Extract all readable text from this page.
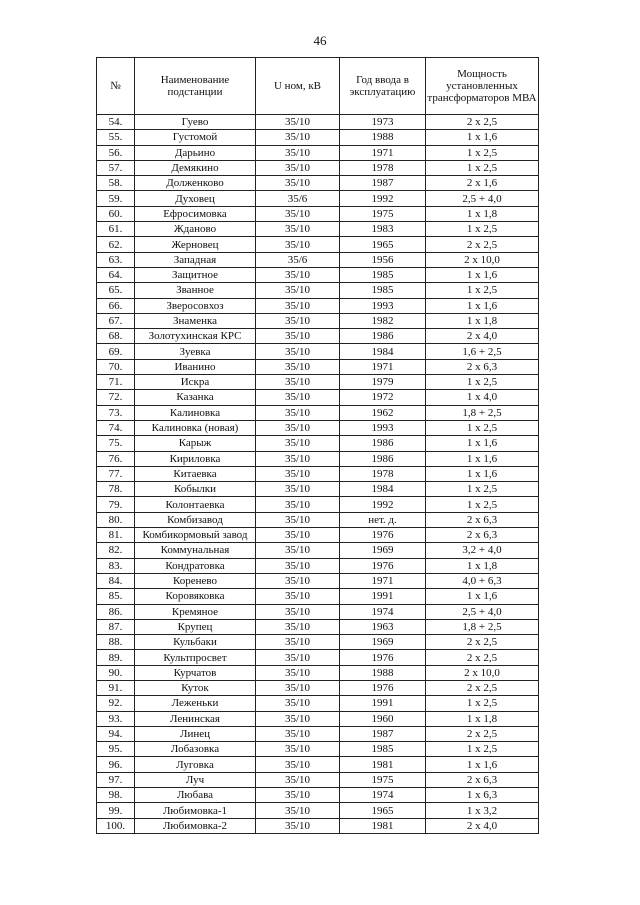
46
№	Наименование подстанции	U ном, кВ	Год ввода в эксплуатацию	Мощность установленных трансформаторов МВА
54.	Гуево	35/10	1973	2 x 2,5
55.	Густомой	35/10	1988	1 x 1,6
56.	Дарьино	35/10	1971	1 x 2,5
57.	Демякино	35/10	1978	1 x 2,5
58.	Долженково	35/10	1987	2 x 1,6
59.	Духовец	35/6	1992	2,5 + 4,0
60.	Ефросимовка	35/10	1975	1 x 1,8
61.	Жданово	35/10	1983	1 x 2,5
62.	Жерновец	35/10	1965	2 x 2,5
63.	Западная	35/6	1956	2 x 10,0
64.	Защитное	35/10	1985	1 x 1,6
65.	Званное	35/10	1985	1 x 2,5
66.	Зверосовхоз	35/10	1993	1 x 1,6
67.	Знаменка	35/10	1982	1 x 1,8
68.	Золотухинская КРС	35/10	1986	2 x 4,0
69.	Зуевка	35/10	1984	1,6 + 2,5
70.	Иванино	35/10	1971	2 x 6,3
71.	Искра	35/10	1979	1 x 2,5
72.	Казанка	35/10	1972	1 x 4,0
73.	Калиновка	35/10	1962	1,8 + 2,5
74.	Калиновка (новая)	35/10	1993	1 x 2,5
75.	Карыж	35/10	1986	1 x 1,6
76.	Кириловка	35/10	1986	1 x 1,6
77.	Китаевка	35/10	1978	1 x 1,6
78.	Кобылки	35/10	1984	1 x 2,5
79.	Колонтаевка	35/10	1992	1 x 2,5
80.	Комбизавод	35/10	нет. д.	2 x 6,3
81.	Комбикормовый завод	35/10	1976	2 x 6,3
82.	Коммунальная	35/10	1969	3,2 + 4,0
83.	Кондратовка	35/10	1976	1 x 1,8
84.	Коренево	35/10	1971	4,0 + 6,3
85.	Коровяковка	35/10	1991	1 x 1,6
86.	Кремяное	35/10	1974	2,5 + 4,0
87.	Крупец	35/10	1963	1,8 + 2,5
88.	Кульбаки	35/10	1969	2 x 2,5
89.	Культпросвет	35/10	1976	2 x 2,5
90.	Курчатов	35/10	1988	2 x 10,0
91.	Куток	35/10	1976	2 x 2,5
92.	Леженьки	35/10	1991	1 x 2,5
93.	Ленинская	35/10	1960	1 x 1,8
94.	Линец	35/10	1987	2 x 2,5
95.	Лобазовка	35/10	1985	1 x 2,5
96.	Луговка	35/10	1981	1 x 1,6
97.	Луч	35/10	1975	2 x 6,3
98.	Любава	35/10	1974	1 x 6,3
99.	Любимовка-1	35/10	1965	1 x 3,2
100.	Любимовка-2	35/10	1981	2 x 4,0
